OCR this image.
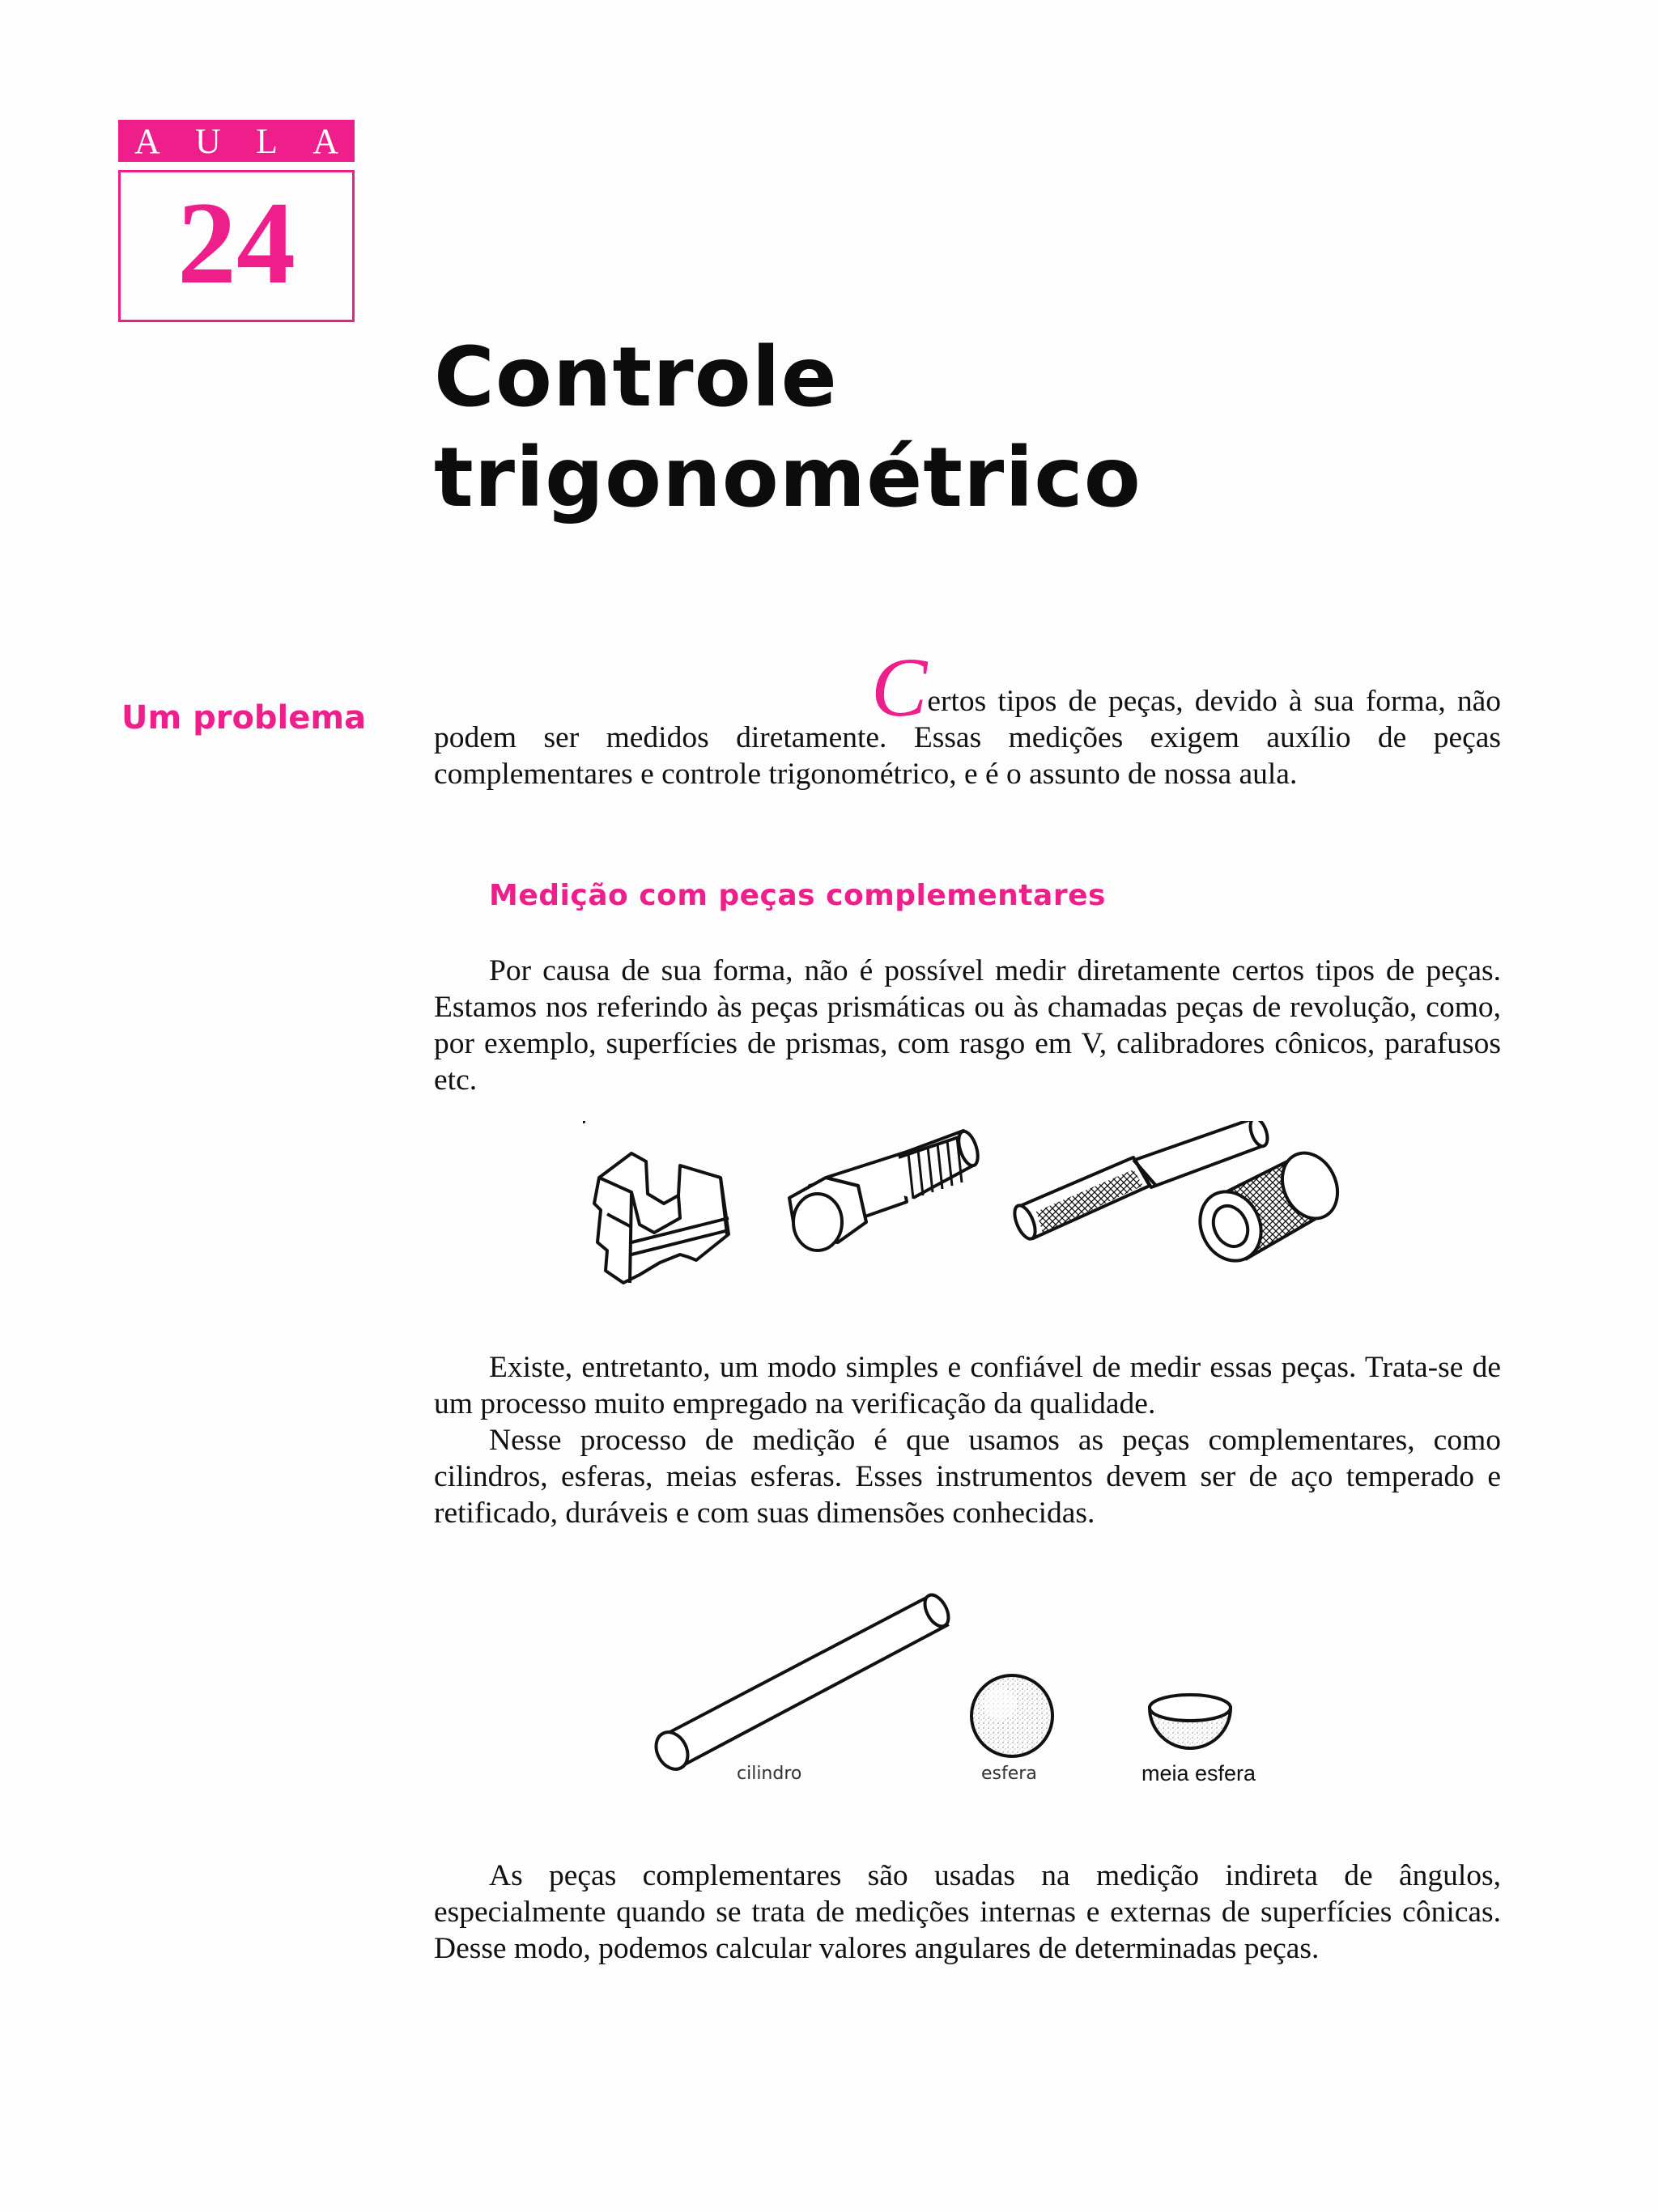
A U L A
24
Controle
trigonométrico
Um problema	Certos tipos de peças, devido à sua forma, não podem ser medidos diretamente. Essas medições exigem auxílio de peças complementares e controle trigonométrico, e é o assunto de nossa aula.

Medição com peças complementares

Por causa de sua forma, não é possível medir diretamente certos tipos de peças. Estamos nos referindo às peças prismáticas ou às chamadas peças de revolução, como, por exemplo, superfícies de prismas, com rasgo em V, calibradores cônicos, parafusos etc.

Existe, entretanto, um modo simples e confiável de medir essas peças. Trata-se de um processo muito empregado na verificação da qualidade.

Nesse processo de medição é que usamos as peças complementares, como cilindros, esferas, meias esferas. Esses instrumentos devem ser de aço temperado e retificado, duráveis e com suas dimensões conhecidas.

cilindro	esfera	meia esfera

As peças complementares são usadas na medição indireta de ângulos, especialmente quando se trata de medições internas e externas de superfícies cônicas. Desse modo, podemos calcular valores angulares de determinadas peças.
